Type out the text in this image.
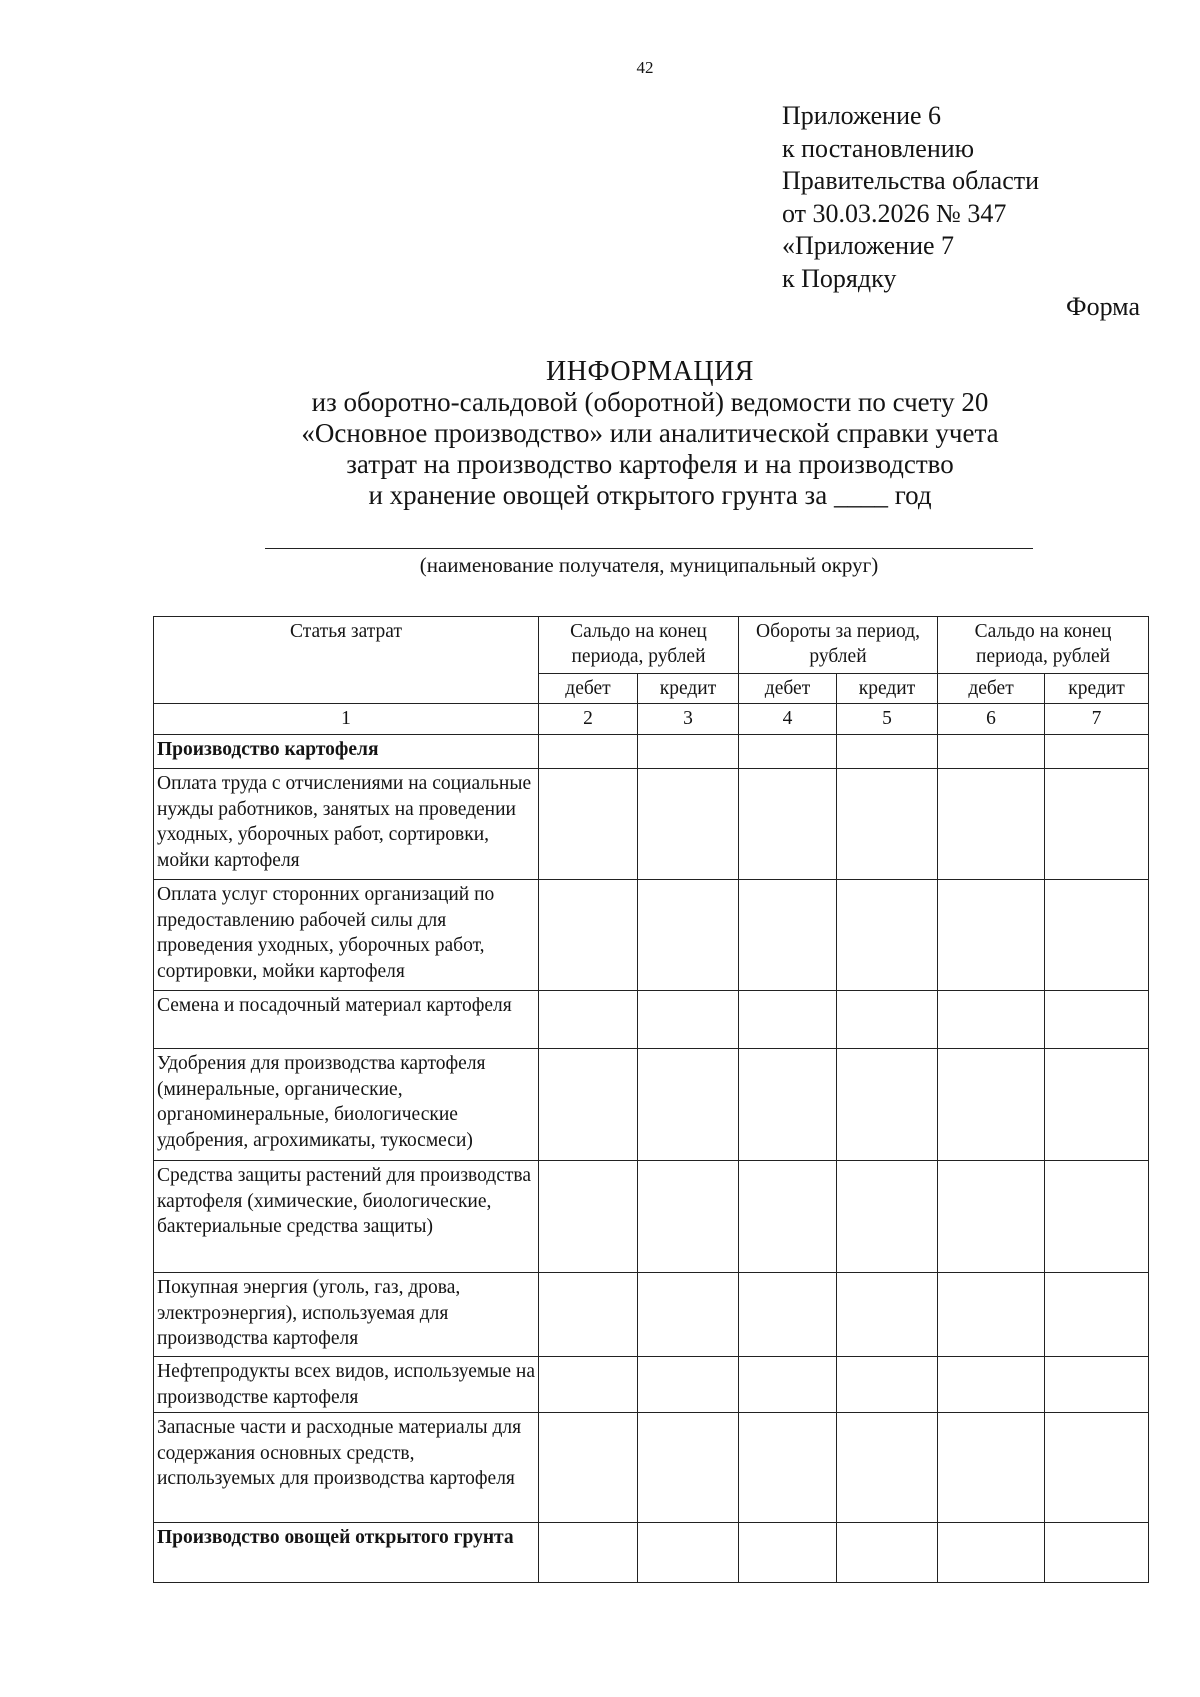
42
Приложение 6
к постановлению
Правительства области
от 30.03.2026 № 347
«Приложение 7
к Порядку
Форма
ИНФОРМАЦИЯ
из оборотно-сальдовой (оборотной) ведомости по счету 20
«Основное производство» или аналитической справки учета
затрат на производство картофеля и на производство
и хранение овощей открытого грунта за ____ год
(наименование получателя, муниципальный округ)
Статья затрат	Сальдо на конец периода, рублей		Обороты за период, рублей		Сальдо на конец периода, рублей	
	дебет	кредит	дебет	кредит	дебет	кредит
1	2	3	4	5	6	7
Производство картофеля						
Оплата труда с отчислениями на социальные нужды работников, занятых на проведении уходных, уборочных работ, сортировки, мойки картофеля						
Оплата услуг сторонних организаций по предоставлению рабочей силы для проведения уходных, уборочных работ, сортировки, мойки картофеля						
Семена и посадочный материал картофеля						
Удобрения для производства картофеля (минеральные, органические, органоминеральные, биологические удобрения, агрохимикаты, тукосмеси)						
Средства защиты растений для производства картофеля (химические, биологические, бактериальные средства защиты)						
Покупная энергия (уголь, газ, дрова, электроэнергия), используемая для производства картофеля						
Нефтепродукты всех видов, используемые на производстве картофеля						
Запасные части и расходные материалы для содержания основных средств, используемых для производства картофеля						
Производство овощей открытого грунта						
